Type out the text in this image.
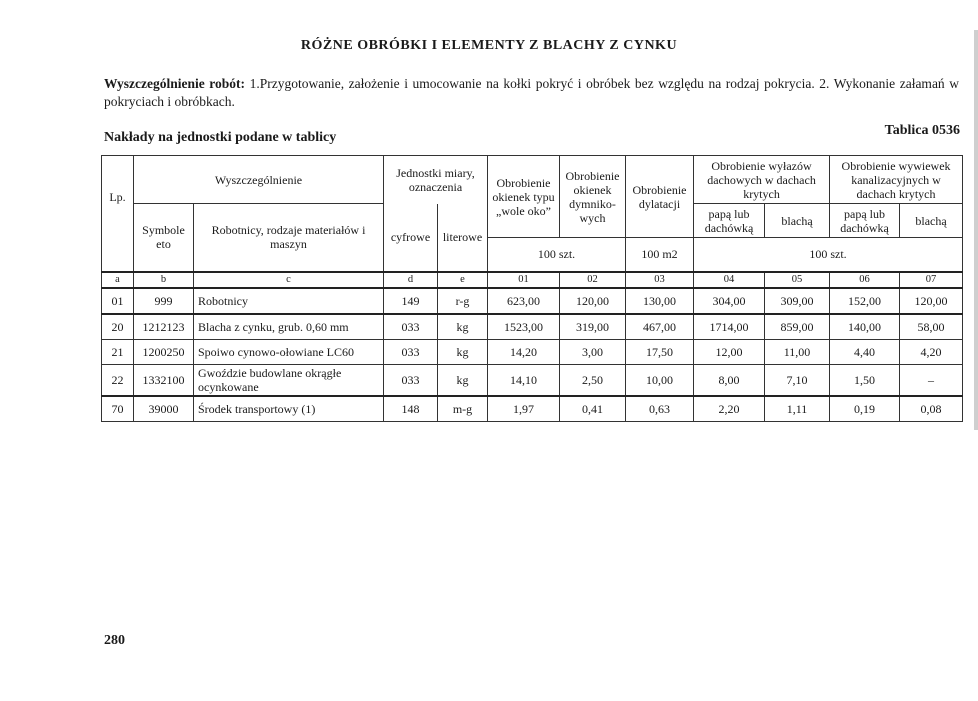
RÓŻNE OBRÓBKI I ELEMENTY Z BLACHY Z CYNKU
Wyszczególnienie robót: 1.Przygotowanie, założenie i umocowanie na kołki pokryć i obróbek bez względu na rodzaj pokrycia. 2. Wykonanie załamań w pokryciach i obróbkach.
Nakłady na jednostki podane w tablicy	Tablica 0536
Lp.	Wyszczególnienie		Jednostki miary, oznaczenia		Obrobienie okienek typu „wole oko”	Obrobienie okienek dymniko-wych	Obrobienie dylatacji	Obrobienie wyłazów dachowych w dachach krytych		Obrobienie wywiewek kanalizacyjnych w dachach krytych	
	Symbole eto	Robotnicy, rodzaje materiałów i maszyn	cyfrowe	literowe				papą lub dachówką	blachą	papą lub dachówką	blachą
					100 szt.		100 m2	100 szt.			
a	b	c	d	e	01	02	03	04	05	06	07
01	999	Robotnicy	149	r-g	623,00	120,00	130,00	304,00	309,00	152,00	120,00
20	1212123	Blacha z cynku, grub. 0,60 mm	033	kg	1523,00	319,00	467,00	1714,00	859,00	140,00	58,00
21	1200250	Spoiwo cynowo-ołowiane LC60	033	kg	14,20	3,00	17,50	12,00	11,00	4,40	4,20
22	1332100	Gwoździe budowlane okrągłe ocynkowane	033	kg	14,10	2,50	10,00	8,00	7,10	1,50	–
70	39000	Środek transportowy (1)	148	m-g	1,97	0,41	0,63	2,20	1,11	0,19	0,08
280
